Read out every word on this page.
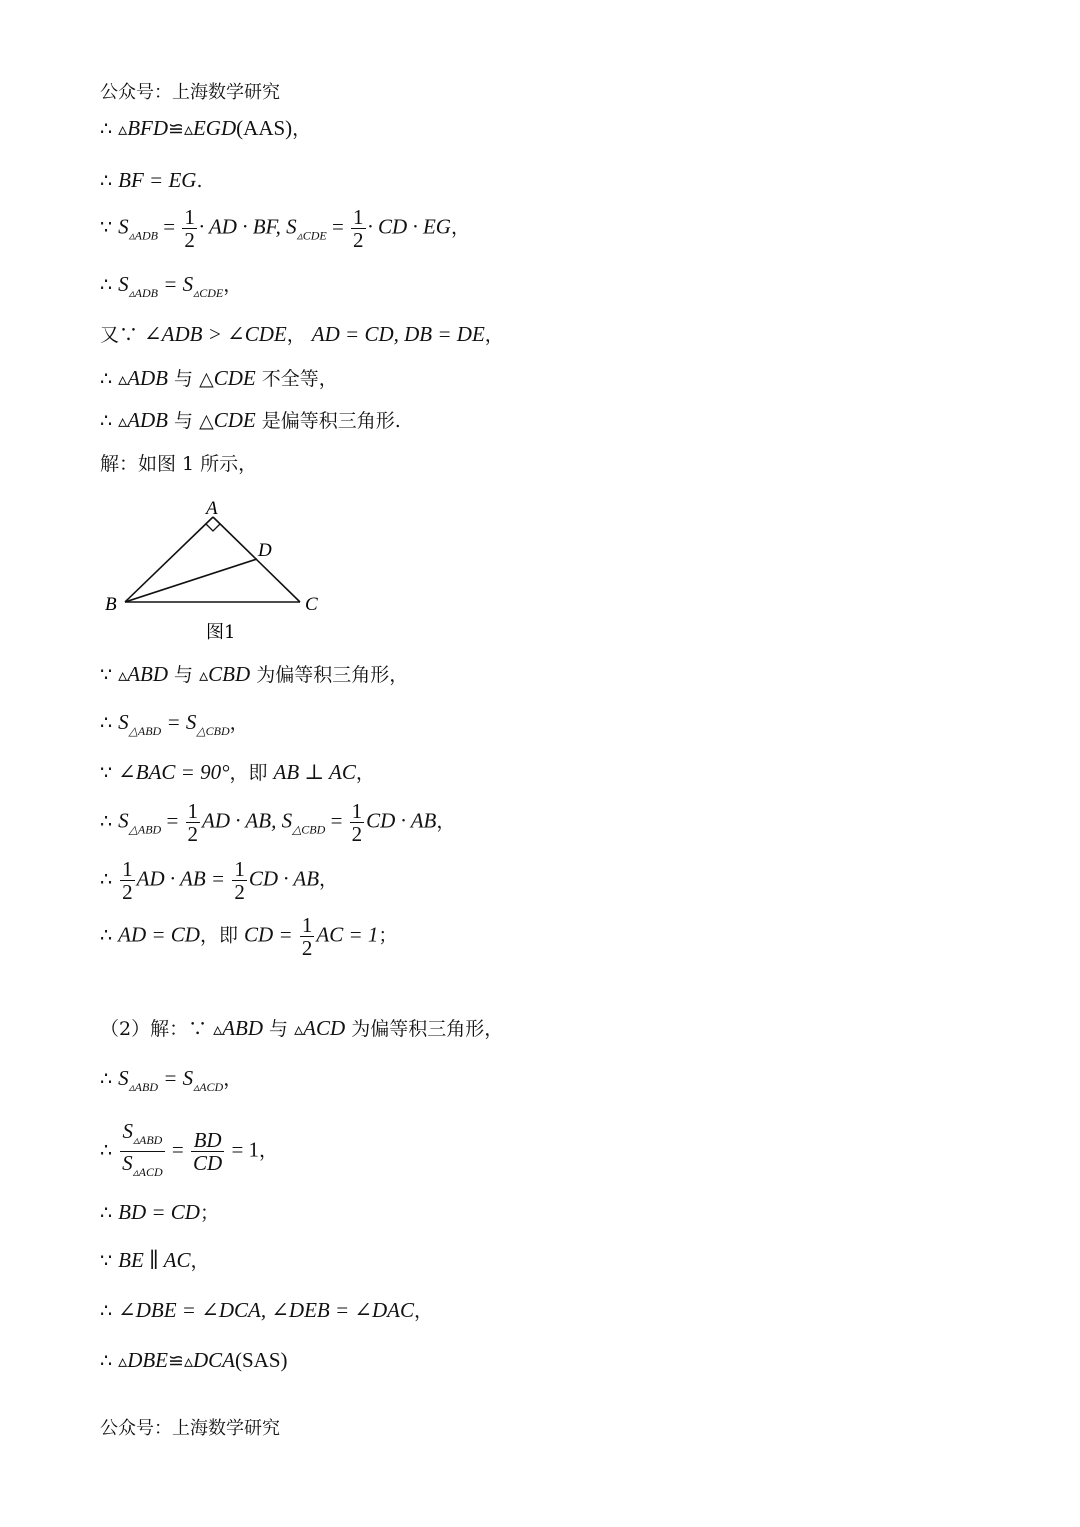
公众号：上海数学研究
∴ ▵BFD≌▵EGD(AAS)，
∴ BF = EG.
∵ $S_{▵ADB} = \frac{1}{2}$ · AD · BF, $S_{▵CDE} = \frac{1}{2}$ · CD · EG，
∴ $S_{▵ADB} = S_{▵CDE}$，
又∵ ∠ADB > ∠CDE， AD = CD, DB = DE，
∴ ▵ADB 与 △CDE 不全等，
∴ ▵ADB 与 △CDE 是偏等积三角形.
解：如图 1 所示，
A
B	C
D
图1
∵ ▵ABD 与 ▵CBD 为偏等积三角形，
∴ $S_{\triangle ABD} = S_{\triangle CBD}$，
∵ ∠BAC = 90°，即 AB ⊥ AC，
∴ $S_{\triangle ABD} = \frac{1}{2}$ AD · AB, $S_{\triangle CBD} = \frac{1}{2}$ CD · AB，
∴ $\frac{1}{2}$ AD · AB = $\frac{1}{2}$ CD · AB，
∴ AD = CD，即 CD = $\frac{1}{2}$ AC = 1；
（2）解：∵ ▵ABD 与 ▵ACD 为偏等积三角形，
∴ $S_{▵ABD} = S_{▵ACD}$，
∴ $\frac{S_{▵ABD}}{S_{▵ACD}} = \frac{BD}{CD} = 1$，
∴ BD = CD；
∵ BE ∥ AC，
∴ ∠DBE = ∠DCA, ∠DEB = ∠DAC，
∴ ▵DBE≌▵DCA(SAS)
公众号：上海数学研究
